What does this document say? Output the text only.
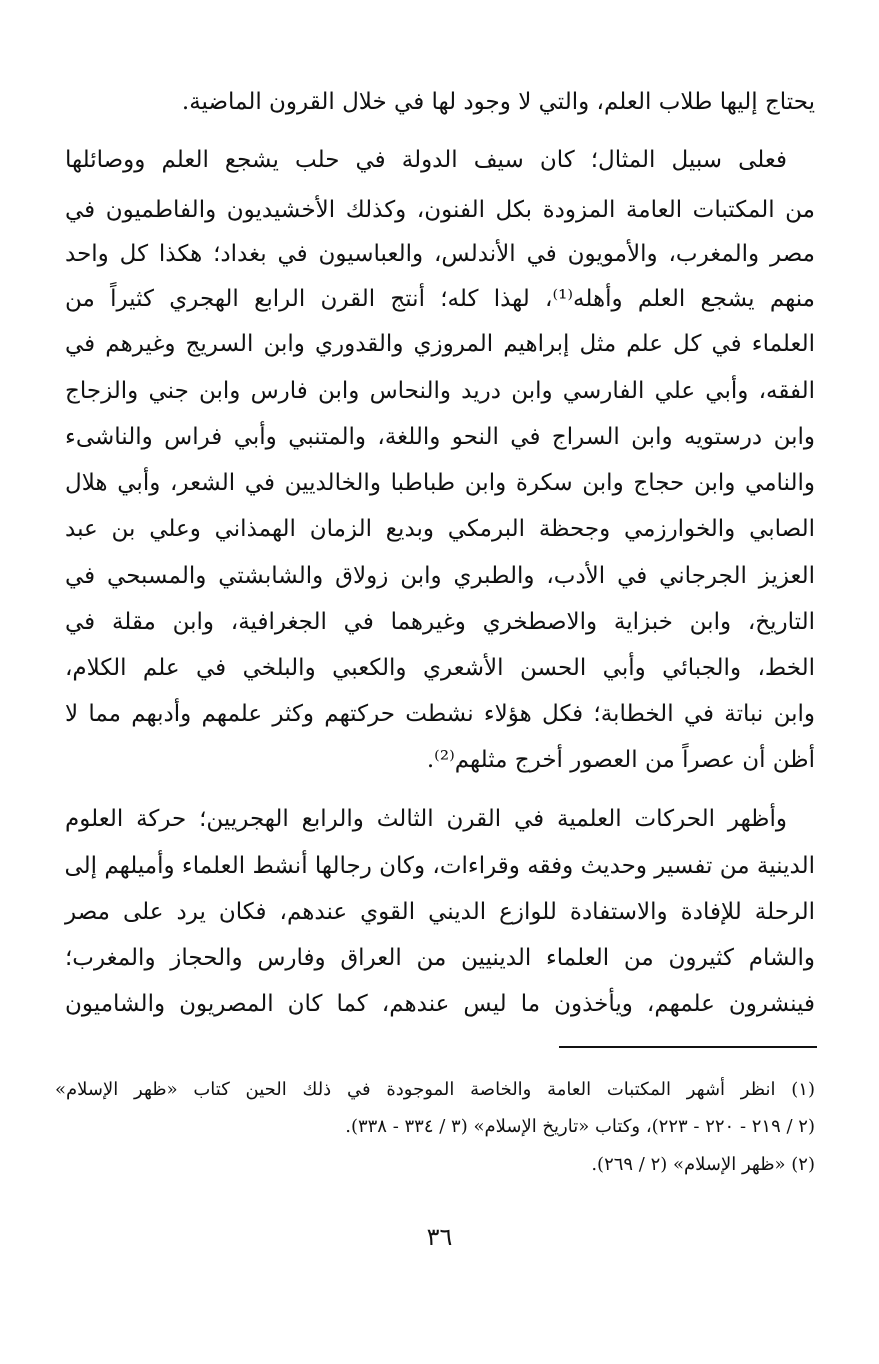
يحتاج إليها طلاب العلم، والتي لا وجود لها في خلال القرون الماضية.
فعلى سبيل المثال؛ كان سيف الدولة في حلب يشجع العلم ووصائلها
من المكتبات العامة المزودة بكل الفنون، وكذلك الأخشيديون والفاطميون في
مصر والمغرب، والأمويون في الأندلس، والعباسيون في بغداد؛ هكذا كل واحد
منهم يشجع العلم وأهله⁽¹⁾، لهذا كله؛ أنتج القرن الرابع الهجري كثيراً من
العلماء في كل علم مثل إبراهيم المروزي والقدوري وابن السريج وغيرهم في
الفقه، وأبي علي الفارسي وابن دريد والنحاس وابن فارس وابن جني والزجاج
وابن درستويه وابن السراج في النحو واللغة، والمتنبي وأبي فراس والناشىء
والنامي وابن حجاج وابن سكرة وابن طباطبا والخالديين في الشعر، وأبي هلال
الصابي والخوارزمي وجحظة البرمكي وبديع الزمان الهمذاني وعلي بن عبد
العزيز الجرجاني في الأدب، والطبري وابن زولاق والشابشتي والمسبحي في
التاريخ، وابن خبزاية والاصطخري وغيرهما في الجغرافية، وابن مقلة في
الخط، والجبائي وأبي الحسن الأشعري والكعبي والبلخي في علم الكلام،
وابن نباتة في الخطابة؛ فكل هؤلاء نشطت حركتهم وكثر علمهم وأدبهم مما لا
أظن أن عصراً من العصور أخرج مثلهم⁽²⁾.
وأظهر الحركات العلمية في القرن الثالث والرابع الهجريين؛ حركة العلوم
الدينية من تفسير وحديث وفقه وقراءات، وكان رجالها أنشط العلماء وأميلهم إلى
الرحلة للإفادة والاستفادة للوازع الديني القوي عندهم، فكان يرد على مصر
والشام كثيرون من العلماء الدينيين من العراق وفارس والحجاز والمغرب؛
فينشرون علمهم، ويأخذون ما ليس عندهم، كما كان المصريون والشاميون
(١) انظر أشهر المكتبات العامة والخاصة الموجودة في ذلك الحين كتاب «ظهر الإسلام»
(٢ / ٢١٩ - ٢٢٠ - ٢٢٣)، وكتاب «تاريخ الإسلام» (٣ / ٣٣٤ - ٣٣٨).
(٢) «ظهر الإسلام» (٢ / ٢٦٩).
٣٦
